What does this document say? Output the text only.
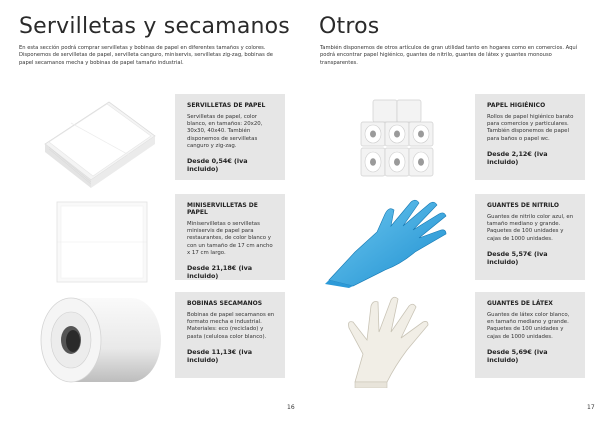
Servilletas y secamanos
En esta sección podrá comprar servilletas y bobinas de papel en diferentes tamaños y colores. Disponemos de servilletas de papel, servilleta canguro, miniservis, servilletas zig-zag, bobinas de papel secamanos mecha y bobinas de papel tamaño industrial.
SERVILLETAS DE PAPEL
Servilletas de papel, color blanco, en tamaños: 20x20, 30x30, 40x40. También disponemos de servilletas canguro y zig-zag.
Desde 0,54€ (iva incluido)
MINISERVILLETAS DE PAPEL
Miniservilletas o servilletas miniservis de papel para restaurantes, de color blanco y con un tamaño de 17 cm ancho x 17 cm largo.
Desde 21,18€ (iva incluido)
BOBINAS SECAMANOS
Bobinas de papel secamanos en formato mecha e industrial. Materiales: eco (reciclado) y pasta (celulosa color blanco).
Desde 11,13€ (iva incluido)
16
Otros
También disponemos de otros artículos de gran utilidad tanto en hogares como en comercios. Aquí podrá encontrar papel higiénico, guantes de nitrilo, guantes de látex y guantes monouso transparentes.
PAPEL HIGIÉNICO
Rollos de papel higiénico barato para comercios y particulares. También disponemos de papel para baños o papel wc.
Desde 2,12€ (iva incluido)
GUANTES DE NITRILO
Guantes de nitrilo color azul, en tamaño mediano y grande. Paquetes de 100 unidades y cajas de 1000 unidades.
Desde 5,57€ (iva incluido)
GUANTES DE LÁTEX
Guantes de látex color blanco, en tamaño mediano y grande. Paquetes de 100 unidades y cajas de 1000 unidades.
Desde 5,69€ (iva incluido)
17
